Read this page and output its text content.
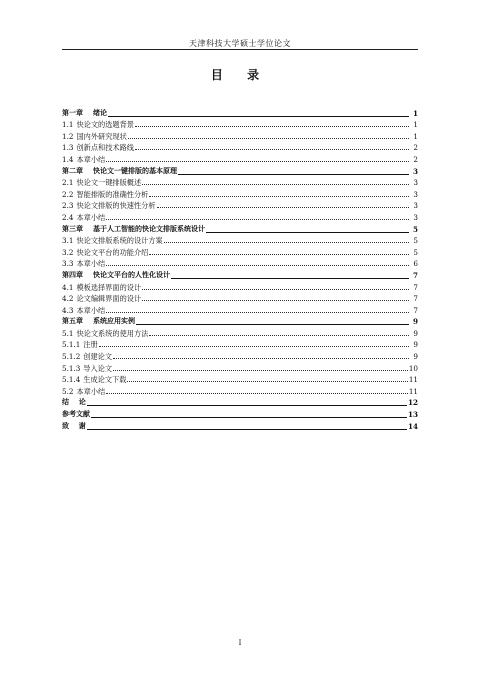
天津科技大学硕士学位论文
目 录
第一章 绪论	1
1.1 快论文的选题背景	1
1.2 国内外研究现状	1
1.3 创新点和技术路线	2
1.4 本章小结	2
第二章 快论文一键排版的基本原理	3
2.1 快论文一键排版概述	3
2.2 智能排版的准确性分析	3
2.3 快论文排版的快速性分析	3
2.4 本章小结	3
第三章 基于人工智能的快论文排版系统设计	5
3.1 快论文排版系统的设计方案	5
3.2 快论文平台的功能介绍	5
3.3 本章小结	6
第四章 快论文平台的人性化设计	7
4.1 模板选择界面的设计	7
4.2 论文编辑界面的设计	7
4.3 本章小结	7
第五章 系统应用实例	9
5.1 快论文系统的使用方法	9
5.1.1 注册	9
5.1.2 创建论文	9
5.1.3 导入论文	10
5.1.4 生成论文下载	11
5.2 本章小结	11
结    论	12
参考文献	13
致    谢	14
I
